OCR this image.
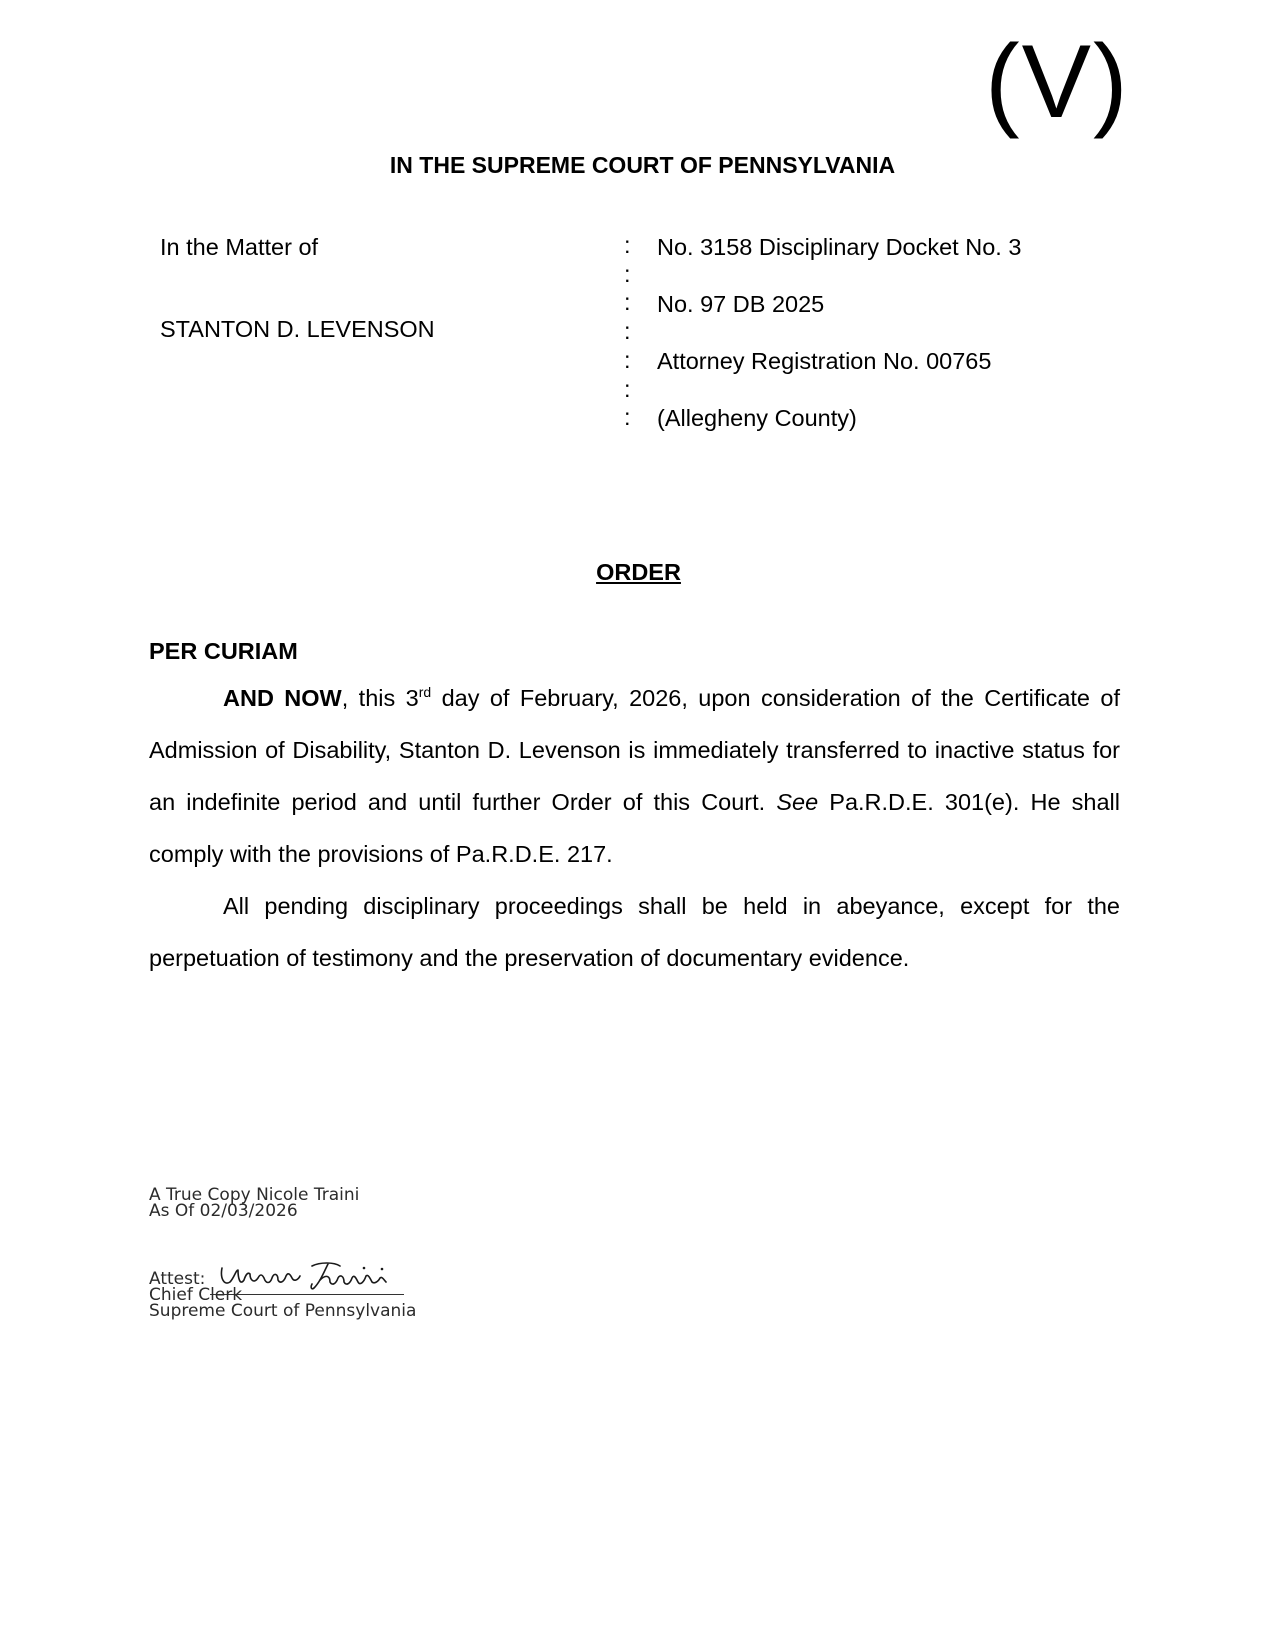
(V)
IN THE SUPREME COURT OF PENNSYLVANIA
In the Matter of
STANTON D. LEVENSON
:
:
:
:
:
:
:
No. 3158 Disciplinary Docket No. 3
No. 97 DB 2025
Attorney Registration No. 00765
(Allegheny County)
ORDER
PER CURIAM

AND NOW, this 3rd day of February, 2026, upon consideration of the Certificate of Admission of Disability, Stanton D. Levenson is immediately transferred to inactive status for an indefinite period and until further Order of this Court. See Pa.R.D.E. 301(e). He shall comply with the provisions of Pa.R.D.E. 217.

All pending disciplinary proceedings shall be held in abeyance, except for the perpetuation of testimony and the preservation of documentary evidence.

A True Copy Nicole Traini
As Of 02/03/2026
Attest:
Chief Clerk
Supreme Court of Pennsylvania
